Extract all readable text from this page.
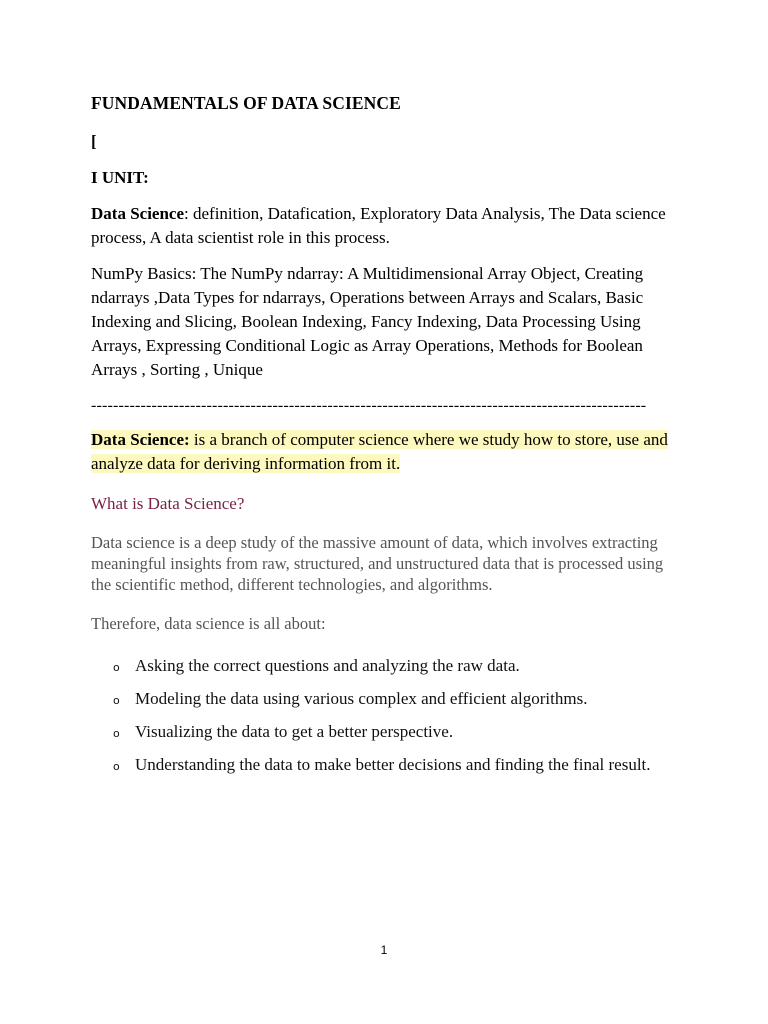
FUNDAMENTALS OF DATA SCIENCE
[
I UNIT:
Data Science: definition, Datafication, Exploratory Data Analysis, The Data science process, A data scientist role in this process.
NumPy Basics: The NumPy ndarray: A Multidimensional Array Object, Creating ndarrays ,Data Types for ndarrays, Operations between Arrays and Scalars, Basic Indexing and Slicing, Boolean Indexing, Fancy Indexing, Data Processing Using Arrays, Expressing Conditional Logic as Array Operations, Methods for Boolean Arrays , Sorting , Unique
-----------------------------------------------------------------------------------------------------
Data Science: is a branch of computer science where we study how to store, use and analyze data for deriving information from it.
What is Data Science?
Data science is a deep study of the massive amount of data, which involves extracting meaningful insights from raw, structured, and unstructured data that is processed using the scientific method, different technologies, and algorithms.
Therefore, data science is all about:
o Asking the correct questions and analyzing the raw data.
o Modeling the data using various complex and efficient algorithms.
o Visualizing the data to get a better perspective.
o Understanding the data to make better decisions and finding the final result.
1
